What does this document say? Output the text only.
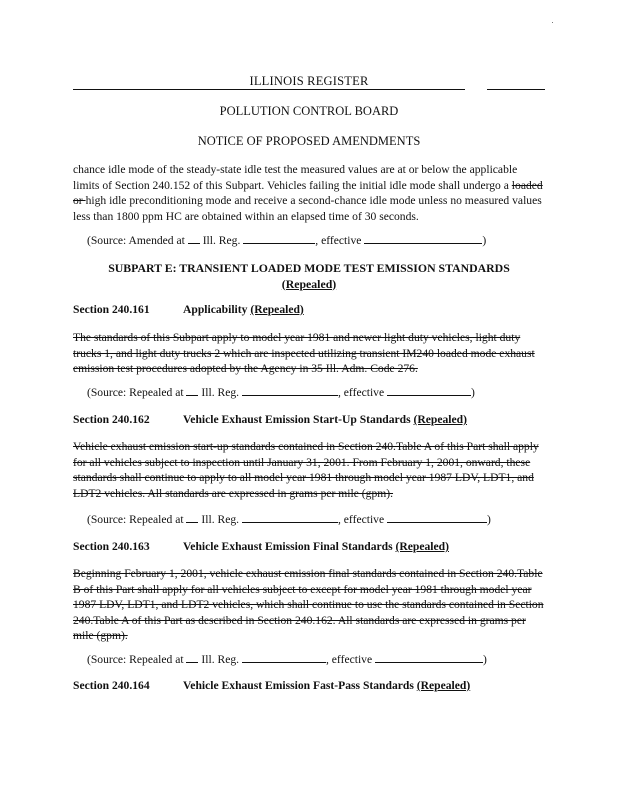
ILLINOIS REGISTER
POLLUTION CONTROL BOARD
NOTICE OF PROPOSED AMENDMENTS

chance idle mode of the steady-state idle test the measured values are at or below the applicable limits of Section 240.152 of this Subpart. Vehicles failing the initial idle mode shall undergo a loaded or high idle preconditioning mode and receive a second-chance idle mode unless no measured values less than 1800 ppm HC are obtained within an elapsed time of 30 seconds.

(Source: Amended at Ill. Reg.	, effective	)
SUBPART E: TRANSIENT LOADED MODE TEST EMISSION STANDARDS
(Repealed)
Section 240.161	Applicability (Repealed)

The standards of this Subpart apply to model year 1981 and newer light duty vehicles, light duty trucks 1, and light duty trucks 2 which are inspected utilizing transient IM240 loaded mode exhaust emission test procedures adopted by the Agency in 35 Ill. Adm. Code 276.

(Source: Repealed at Ill. Reg.	, effective	)
Section 240.162	Vehicle Exhaust Emission Start-Up Standards (Repealed)

Vehicle exhaust emission start-up standards contained in Section 240.Table A of this Part shall apply for all vehicles subject to inspection until January 31, 2001. From February 1, 2001, onward, these standards shall continue to apply to all model year 1981 through model year 1987 LDV, LDT1, and LDT2 vehicles. All standards are expressed in grams per mile (gpm).

(Source: Repealed at Ill. Reg.	, effective	)
Section 240.163	Vehicle Exhaust Emission Final Standards (Repealed)

Beginning February 1, 2001, vehicle exhaust emission final standards contained in Section 240.Table B of this Part shall apply for all vehicles subject to except for model year 1981 through model year 1987 LDV, LDT1, and LDT2 vehicles, which shall continue to use the standards contained in Section 240.Table A of this Part as described in Section 240.162. All standards are expressed in grams per mile (gpm).

(Source: Repealed at Ill. Reg.	, effective	)
Section 240.164	Vehicle Exhaust Emission Fast-Pass Standards (Repealed)
